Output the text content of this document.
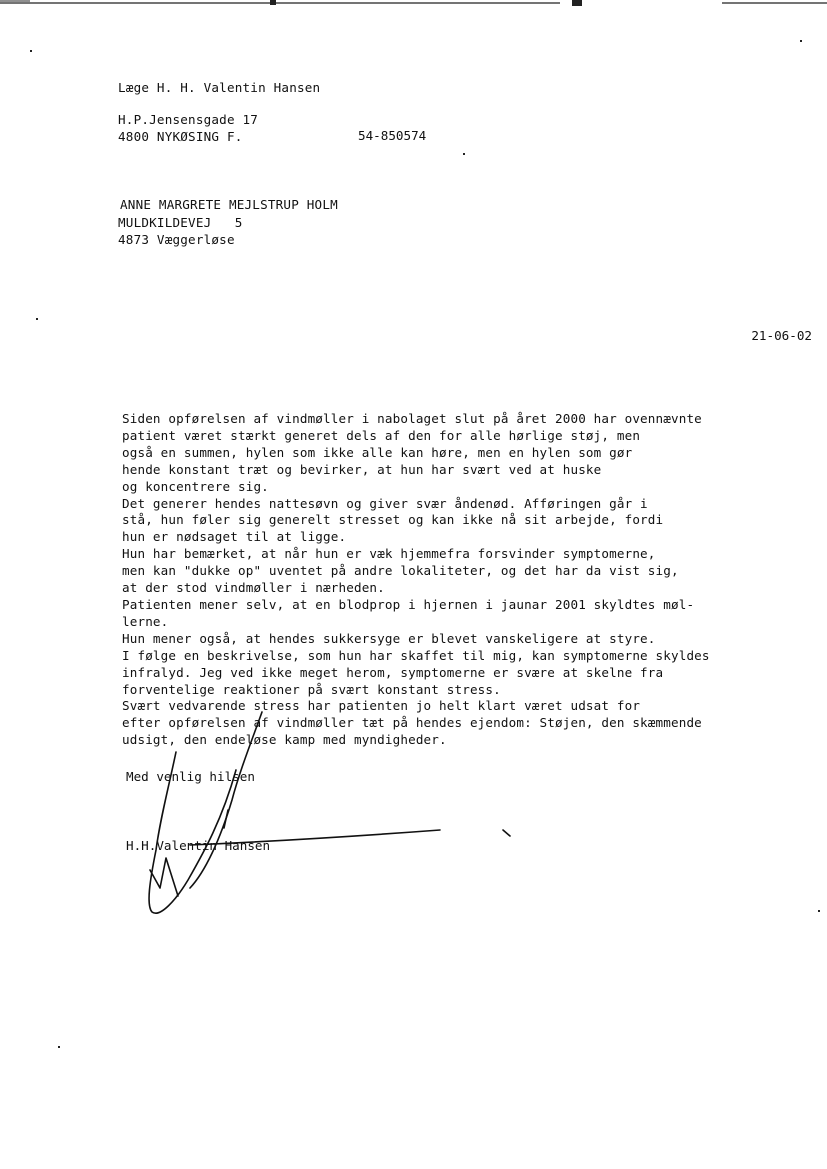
Læge H. H. Valentin Hansen
H.P.Jensensgade 17
4800 NYKØSING F.	54-850574
ANNE MARGRETE MEJLSTRUP HOLM
MULDKILDEVEJ   5
4873 Væggerløse
21-06-02
Siden opførelsen af vindmøller i nabolaget slut på året 2000 har ovennævnte
patient været stærkt generet dels af den for alle hørlige støj, men
også en summen, hylen som ikke alle kan høre, men en hylen som gør
hende konstant træt og bevirker, at hun har svært ved at huske
og koncentrere sig.
Det generer hendes nattesøvn og giver svær åndenød. Afføringen går i
stå, hun føler sig generelt stresset og kan ikke nå sit arbejde, fordi
hun er nødsaget til at ligge.
Hun har bemærket, at når hun er væk hjemmefra forsvinder symptomerne,
men kan "dukke op" uventet på andre lokaliteter, og det har da vist sig,
at der stod vindmøller i nærheden.
Patienten mener selv, at en blodprop i hjernen i jaunar 2001 skyldtes møl-
lerne.
Hun mener også, at hendes sukkersyge er blevet vanskeligere at styre.
I følge en beskrivelse, som hun har skaffet til mig, kan symptomerne skyldes
infralyd. Jeg ved ikke meget herom, symptomerne er svære at skelne fra
forventelige reaktioner på svært konstant stress.
Svært vedvarende stress har patienten jo helt klart været udsat for
efter opførelsen af vindmøller tæt på hendes ejendom: Støjen, den skæmmende
udsigt, den endeløse kamp med myndigheder.
Med venlig hilsen
H.H.Valentin Hansen
